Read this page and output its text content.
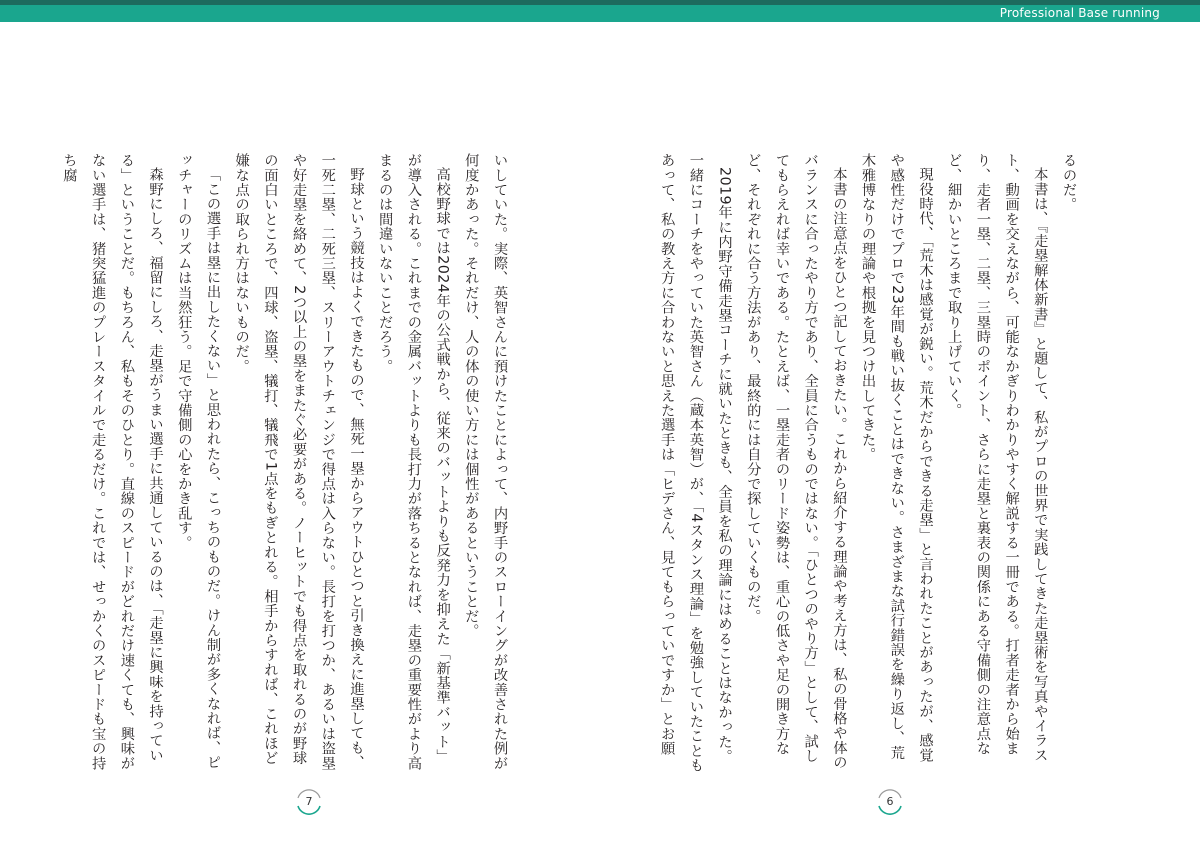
Professional Base running

るのだ。

本書は、『走塁解体新書』と題して、私がプロの世界で実践してきた走塁術を写真やイラスト、動画を交えながら、可能なかぎりわかりやすく解説する一冊である。打者走者から始まり、走者一塁、二塁、三塁時のポイント、さらに走塁と裏表の関係にある守備側の注意点など、細かいところまで取り上げていく。

現役時代、「荒木は感覚が鋭い。荒木だからできる走塁」と言われたことがあったが、感覚や感性だけでプロで23年間も戦い抜くことはできない。さまざまな試行錯誤を繰り返し、荒木雅博なりの理論や根拠を見つけ出してきた。

本書の注意点をひとつ記しておきたい。これから紹介する理論や考え方は、私の骨格や体のバランスに合ったやり方であり、全員に合うものではない。「ひとつのやり方」として、試してもらえれば幸いである。たとえば、一塁走者のリード姿勢は、重心の低さや足の開き方など、それぞれに合う方法があり、最終的には自分で探していくものだ。

2019年に内野守備走塁コーチに就いたときも、全員を私の理論にはめることはなかった。一緒にコーチをやっていた英智さん（蔵本英智）が、「4スタンス理論」を勉強していたこともあって、私の教え方に合わないと思えた選手は「ヒデさん、見てもらっていですか」とお願

いしていた。実際、英智さんに預けたことによって、内野手のスローイングが改善された例が何度かあった。それだけ、人の体の使い方には個性があるということだ。

高校野球では2024年の公式戦から、従来のバットよりも反発力を抑えた「新基準バット」が導入される。これまでの金属バットよりも長打力が落ちるとなれば、走塁の重要性がより高まるのは間違いないことだろう。

野球という競技はよくできたもので、無死一塁からアウトひとつと引き換えに進塁しても、一死二塁、二死三塁、スリーアウトチェンジで得点は入らない。長打を打つか、あるいは盗塁や好走塁を絡めて、2つ以上の塁をまたぐ必要がある。ノーヒットでも得点を取れるのが野球の面白いところで、四球、盗塁、犠打、犠飛で1点をもぎとれる。相手からすれば、これほど嫌な点の取られ方はないものだ。

「この選手は塁に出したくない」と思われたら、こっちのものだ。けん制が多くなれば、ピッチャーのリズムは当然狂う。足で守備側の心をかき乱す。

森野にしろ、福留にしろ、走塁がうまい選手に共通しているのは、「走塁に興味を持っている」ということだ。もちろん、私もそのひとり。直線のスピードがどれだけ速くても、興味がない選手は、猪突猛進のプレースタイルで走るだけ。これでは、せっかくのスピードも宝の持ち腐

6
7
